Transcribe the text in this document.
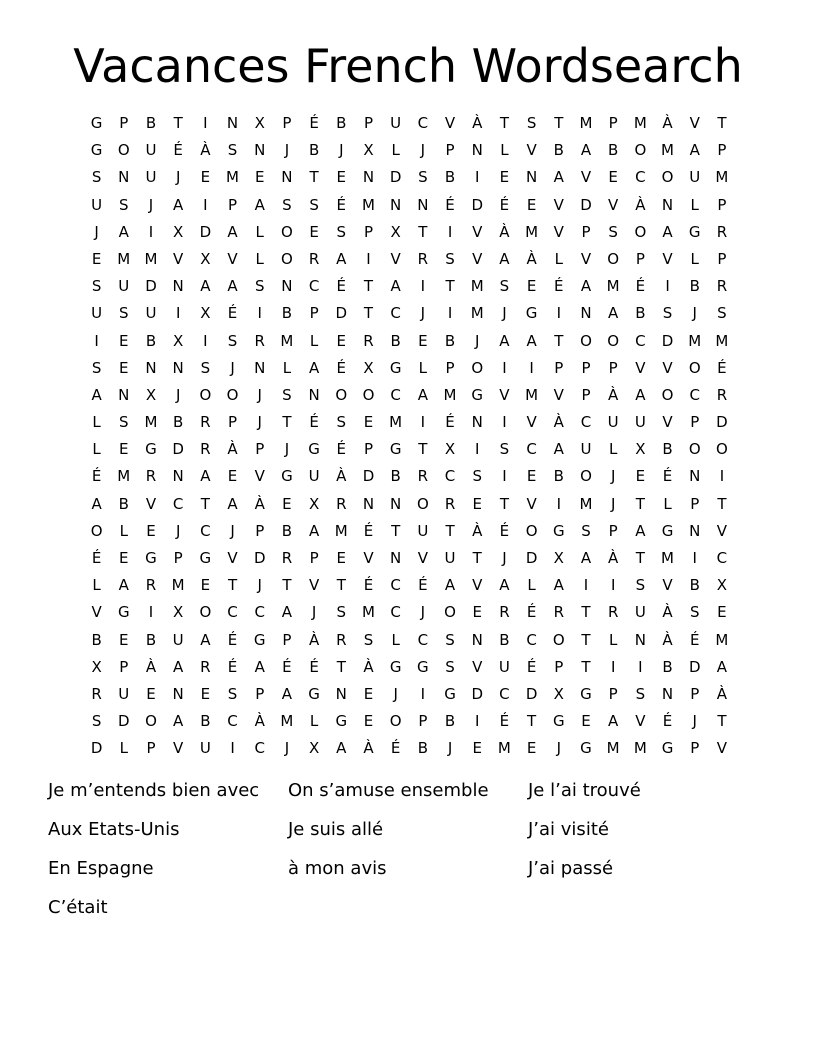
Vacances French Wordsearch
G	P	B	T	I	N	X	P	É	B	P	U	C	V	À	T	S	T	M	P	M	À	V	T
G	O	U	É	À	S	N	J	B	J	X	L	J	P	N	L	V	B	A	B	O M	A	P
S	N	U	J	E	M	E	N	T	E	N	D	S	B	I	E	N	A	V	E	C	O	U	M
U	S	J	A	I	P	A	S	S	É	M	N	N	É	D	É	E	V	D	V	À	N	L	P
J	A	I	X	D	A	L	O	E	S	P	X	T	I	V	À	M	V	P	S	O	A	G	R
E	M M	V	X	V	L	O	R	A	I	V	R	S	V	A	À	L	V	O	P	V	L	P
S	U	D	N	A	A	S	N	C	É	T	A	I	T	M	S	E	É	A	M	É	I	B	R
U	S	U	I	X	É	I	B	P	D	T	C	J	I	M	J	G	I	N	A	B	S	J	S
I	E	B	X	I	S	R	M	L	E	R	B	E	B	J	A	A	T	O	O	C	D M M
S	E	N	N	S	J	N	L	A	É	X	G	L	P	O	I	I	P	P	P	V	V	O	É
A	N	X	J	O	O	J	S	N	O	O	C	A	M G	V	M	V	P	À	A	O	C	R
L	S	M	B	R	P	J	T	É	S	E	M	I	É	N	I	V	À	C	U	U	V	P	D
L	E	G	D	R	À	P	J	G	É	P	G	T	X	I	S	C	A	U	L	X	B	O	O
É	M	R	N	A	E	V	G	U	À	D	B	R	C	S	I	E	B	O	J	E	É	N	I
A	B	V	C	T	A	À	E	X	R	N	N	O	R	E	T	V	I	M	J	T	L	P	T
O	L	E	J	C	J	P	B	A	M	É	T	U	T	À	É	O	G	S	P	A	G	N	V
É	E	G	P	G	V	D	R	P	E	V	N	V	U	T	J	D	X	A	À	T	M	I	C
L	A	R	M	E	T	J	T	V	T	É	C	É	A	V	A	L	A	I	I	S	V	B	X
V	G	I	X	O	C	C	A	J	S	M	C	J	O	E	R	É	R	T	R	U	À	S	E
B	E	B	U	A	É	G	P	À	R	S	L	C	S	N	B	C	O	T	L	N	À	É	M
X	P	À	A	R	É	A	É	É	T	À	G	G	S	V	U	É	P	T	I	I	B	D	A
R	U	E	N	E	S	P	A	G	N	E	J	I	G	D	C	D	X	G	P	S	N	P	À
S	D	O	A	B	C	À	M	L	G	E	O	P	B	I	É	T	G	E	A	V	É	J	T
D	L	P	V	U	I	C	J	X	A	À	É	B	J	E	M	E	J	G M M G	P	V
Je m’entends bien avec	On s’amuse ensemble	Je l’ai trouvé
Aux Etats-Unis	Je suis allé	J’ai visité
En Espagne	à mon avis	J’ai passé
C’était
